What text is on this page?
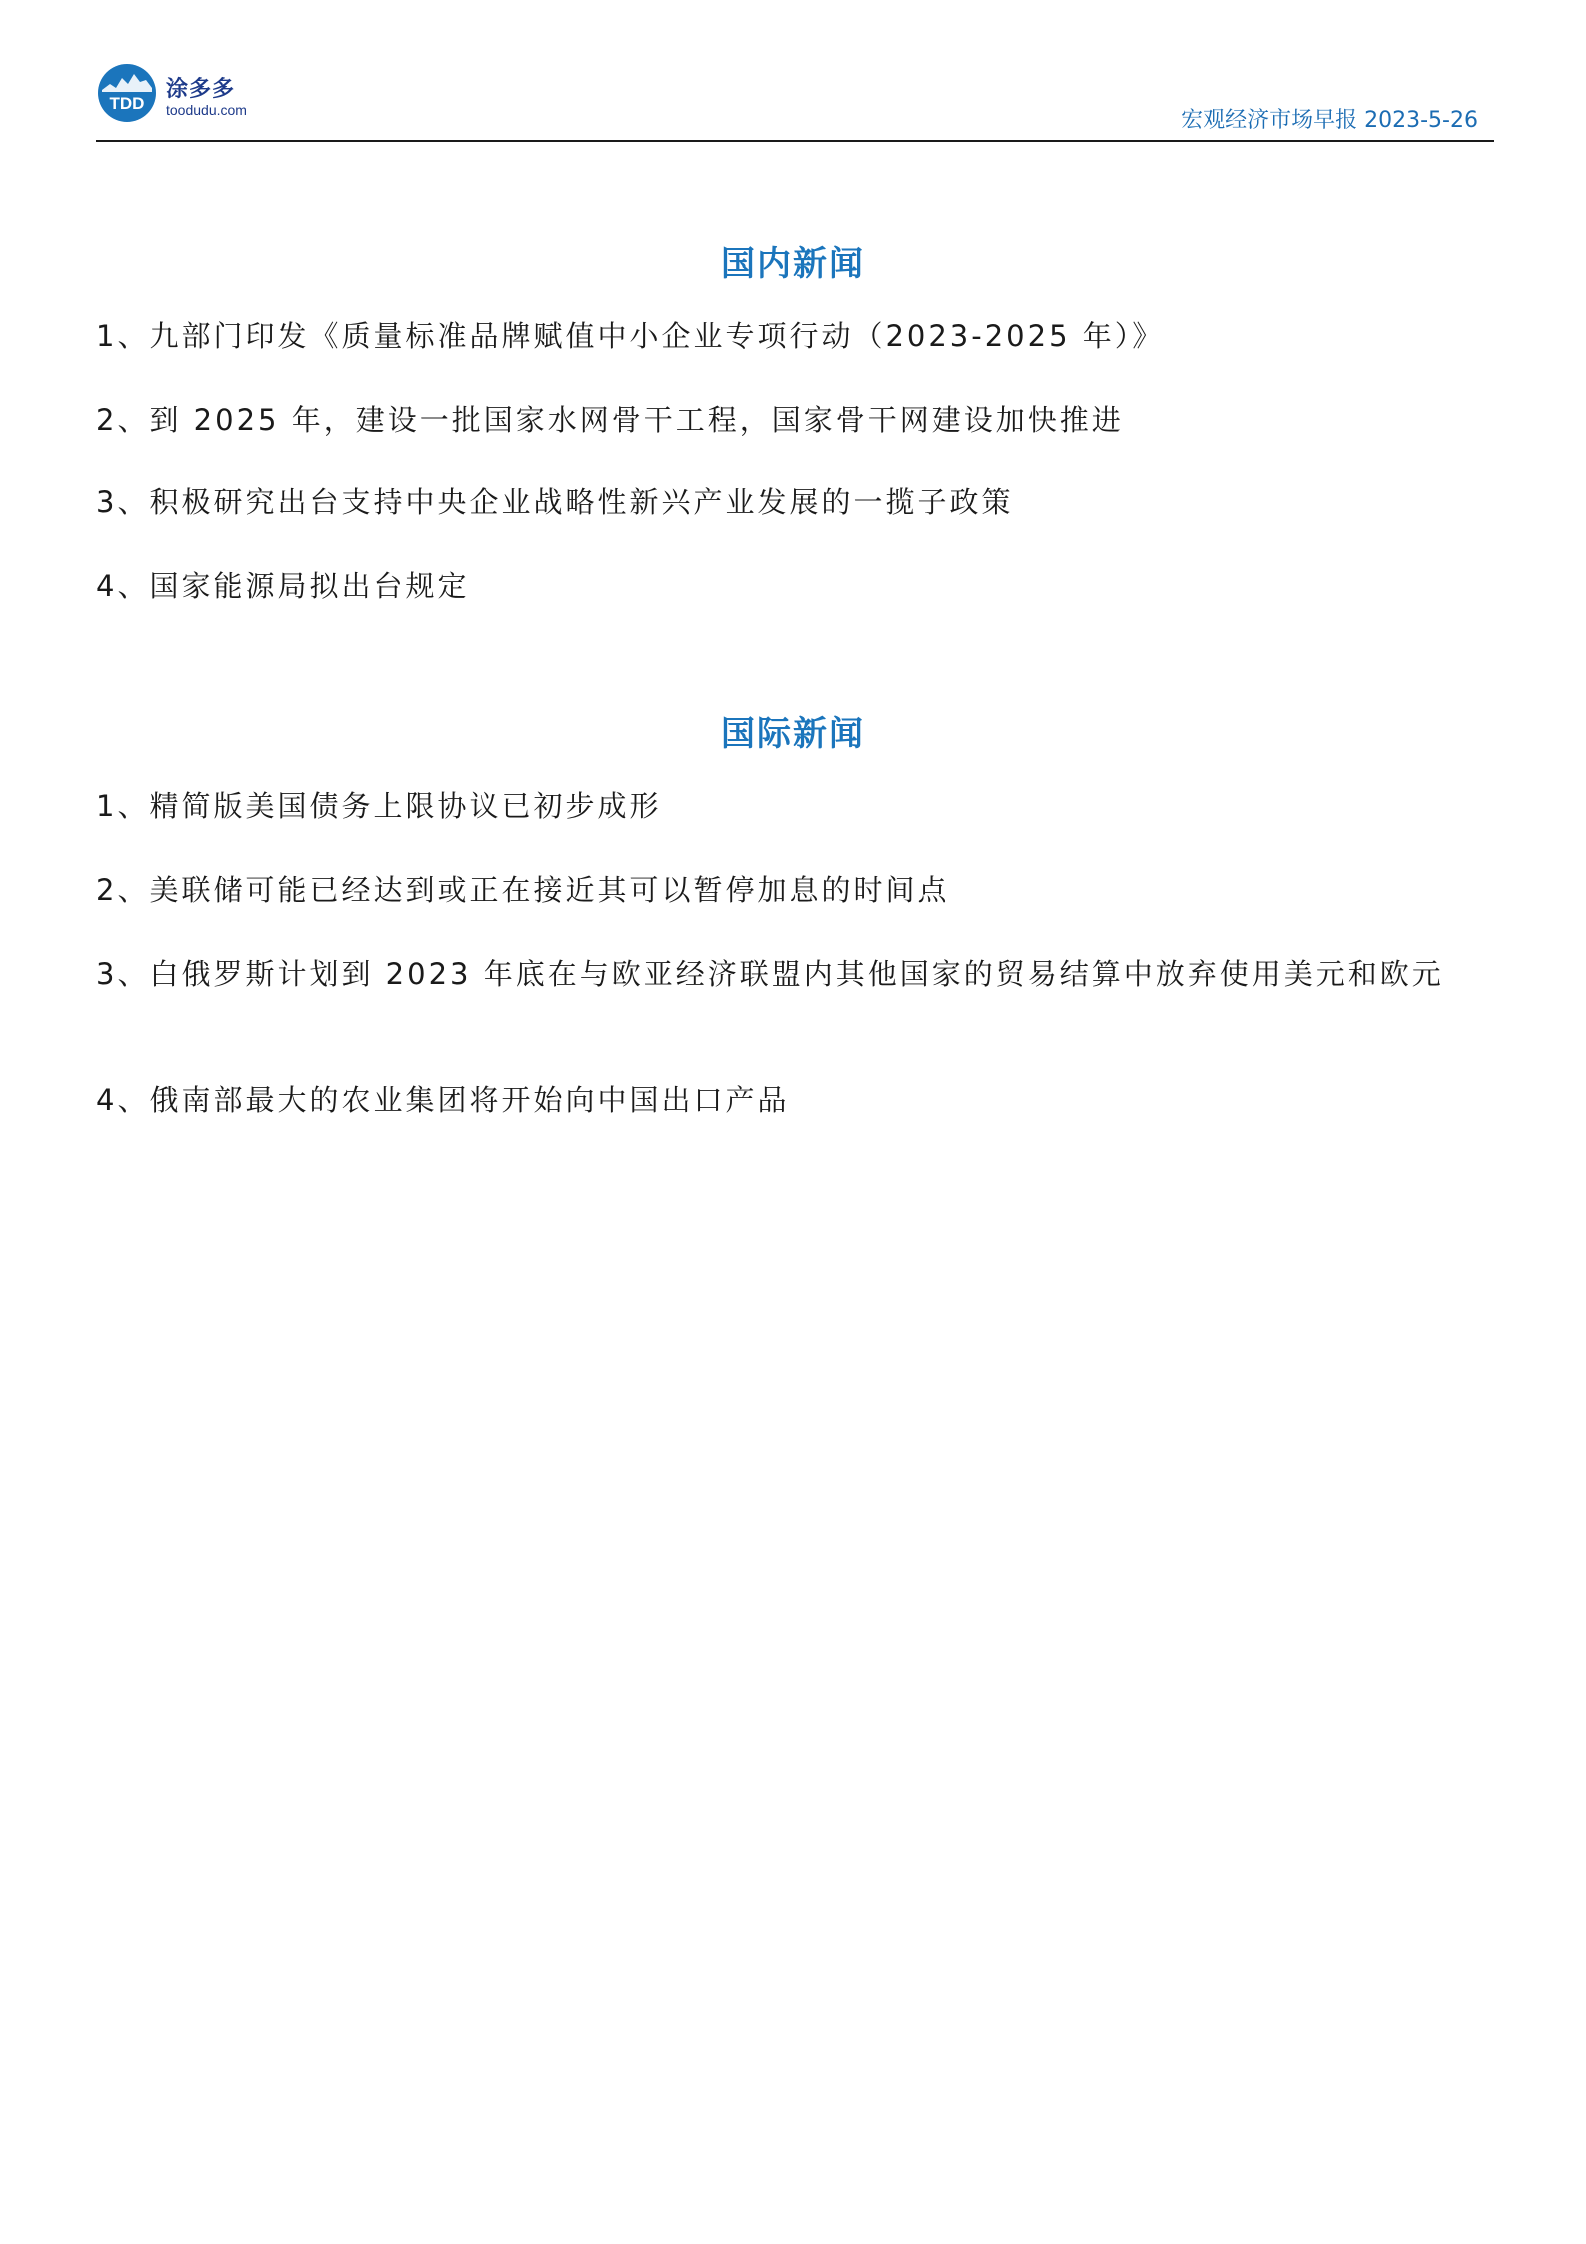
TDD
涂多多
toodudu.com	宏观经济市场早报 2023-5-26
国内新闻
1、九部门印发《质量标准品牌赋值中小企业专项行动（2023-2025 年）》
2、到 2025 年，建设一批国家水网骨干工程，国家骨干网建设加快推进
3、积极研究出台支持中央企业战略性新兴产业发展的一揽子政策
4、国家能源局拟出台规定
国际新闻
1、精简版美国债务上限协议已初步成形
2、美联储可能已经达到或正在接近其可以暂停加息的时间点
3、白俄罗斯计划到 2023 年底在与欧亚经济联盟内其他国家的贸易结算中放弃使用美元和欧元
4、俄南部最大的农业集团将开始向中国出口产品
